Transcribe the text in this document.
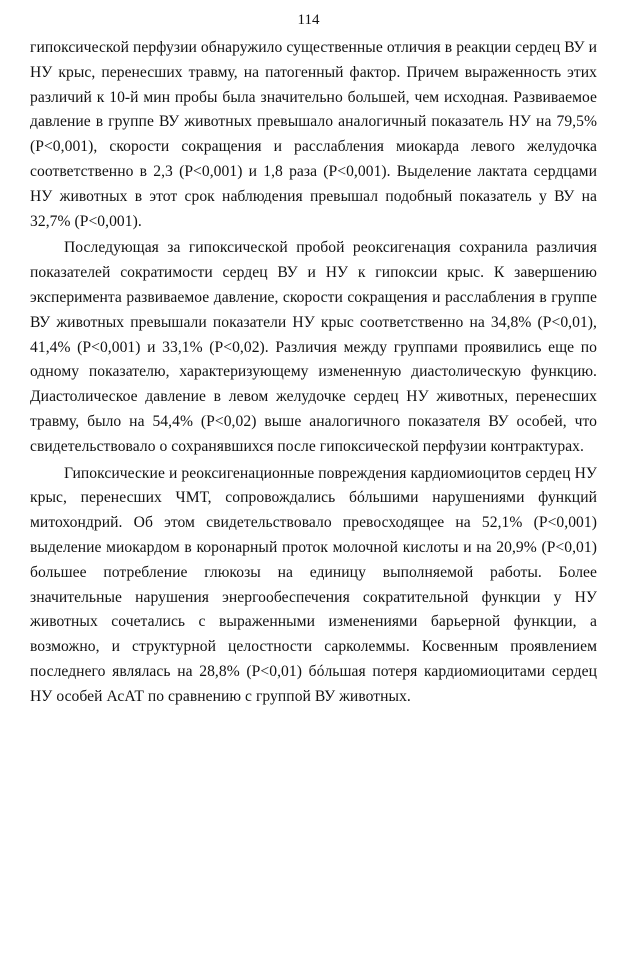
114

гипоксической перфузии обнаружило существенные отличия в реакции сердец ВУ и НУ крыс, перенесших травму, на патогенный фактор. Причем выраженность этих различий к 10-й мин пробы была значительно большей, чем исходная. Развиваемое давление в группе ВУ животных превышало аналогичный показатель НУ на 79,5% (Р<0,001), скорости сокращения и расслабления миокарда левого желудочка соответственно в 2,3 (Р<0,001) и 1,8 раза (Р<0,001). Выделение лактата сердцами НУ животных в этот срок наблюдения превышал подобный показатель у ВУ на 32,7% (Р<0,001).

Последующая за гипоксической пробой реоксигенация сохранила различия показателей сократимости сердец ВУ и НУ к гипоксии крыс. К завершению эксперимента развиваемое давление, скорости сокращения и расслабления в группе ВУ животных превышали показатели НУ крыс соответственно на 34,8% (Р<0,01), 41,4% (Р<0,001) и 33,1% (Р<0,02). Различия между группами проявились еще по одному показателю, характеризующему измененную диастолическую функцию. Диастолическое давление в левом желудочке сердец НУ животных, перенесших травму, было на 54,4% (Р<0,02) выше аналогичного показателя ВУ особей, что свидетельствовало о сохранявшихся после гипоксической перфузии контрактурах.

Гипоксические и реоксигенационные повреждения кардиомиоцитов сердец НУ крыс, перенесших ЧМТ, сопровождались бóльшими нарушениями функций митохондрий. Об этом свидетельствовало превосходящее на 52,1% (Р<0,001) выделение миокардом в коронарный проток молочной кислоты и на 20,9% (Р<0,01) большее потребление глюкозы на единицу выполняемой работы. Более значительные нарушения энергообеспечения сократительной функции у НУ животных сочетались с выраженными изменениями барьерной функции, а возможно, и структурной целостности сарколеммы. Косвенным проявлением последнего являлась на 28,8% (Р<0,01) бóльшая потеря кардиомиоцитами сердец НУ особей АсАТ по сравнению с группой ВУ животных.
